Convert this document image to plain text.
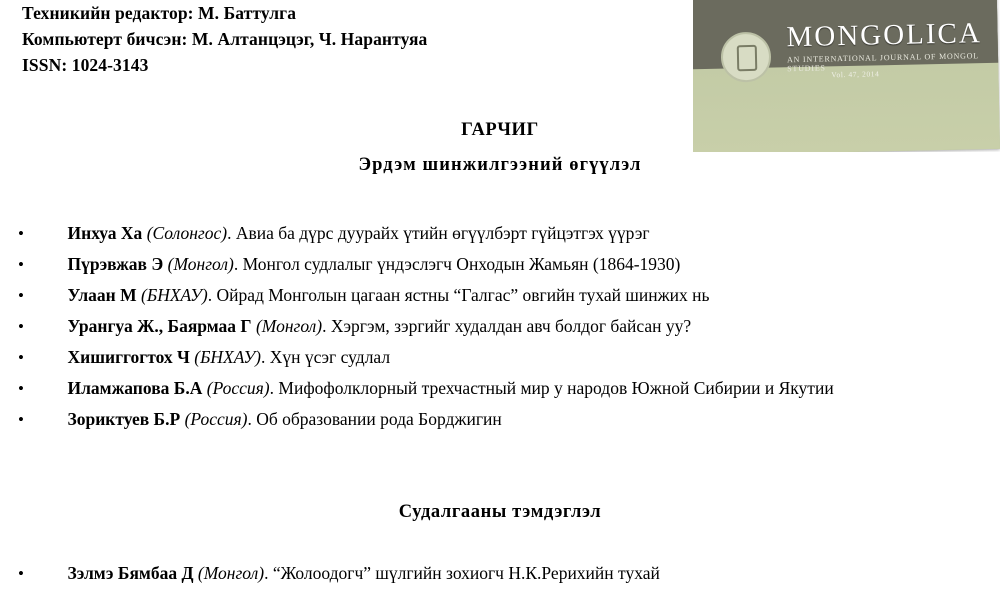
Техникийн редактор: М. Баттулга
Компьютерт бичсэн: М. Алтанцэцэг, Ч. Нарантуяа
ISSN: 1024-3143
MONGOLICA
AN INTERNATIONAL JOURNAL OF MONGOL STUDIES
Vol. 47, 2014
ГАРЧИГ
Эрдэм шинжилгээний өгүүлэл
• Инхуа Ха (Солонгос). Авиа ба дүрс дуурайх үтийн өгүүлбэрт гүйцэтгэх үүрэг
• Пүрэвжав Э (Монгол). Монгол судлалыг үндэслэгч Онходын Жамьян (1864-1930)
• Улаан М (БНХАУ). Ойрад Монголын цагаан ястны “Галгас” овгийн тухай шинжих нь
• Урангуа Ж., Баярмаа Г (Монгол). Хэргэм, зэргийг худалдан авч болдог байсан уу?
• Хишиггогтох Ч (БНХАУ). Хүн үсэг судлал
• Иламжапова Б.А (Россия). Мифофолклорный трехчастный мир у народов Южной Сибирии и Якутии
• Зориктуев Б.Р (Россия). Об образовании рода Борджигин
Судалгааны тэмдэглэл
• Зэлмэ Бямбаа Д (Монгол). “Жолоодогч” шүлгийн зохиогч Н.К.Рерихийн тухай
